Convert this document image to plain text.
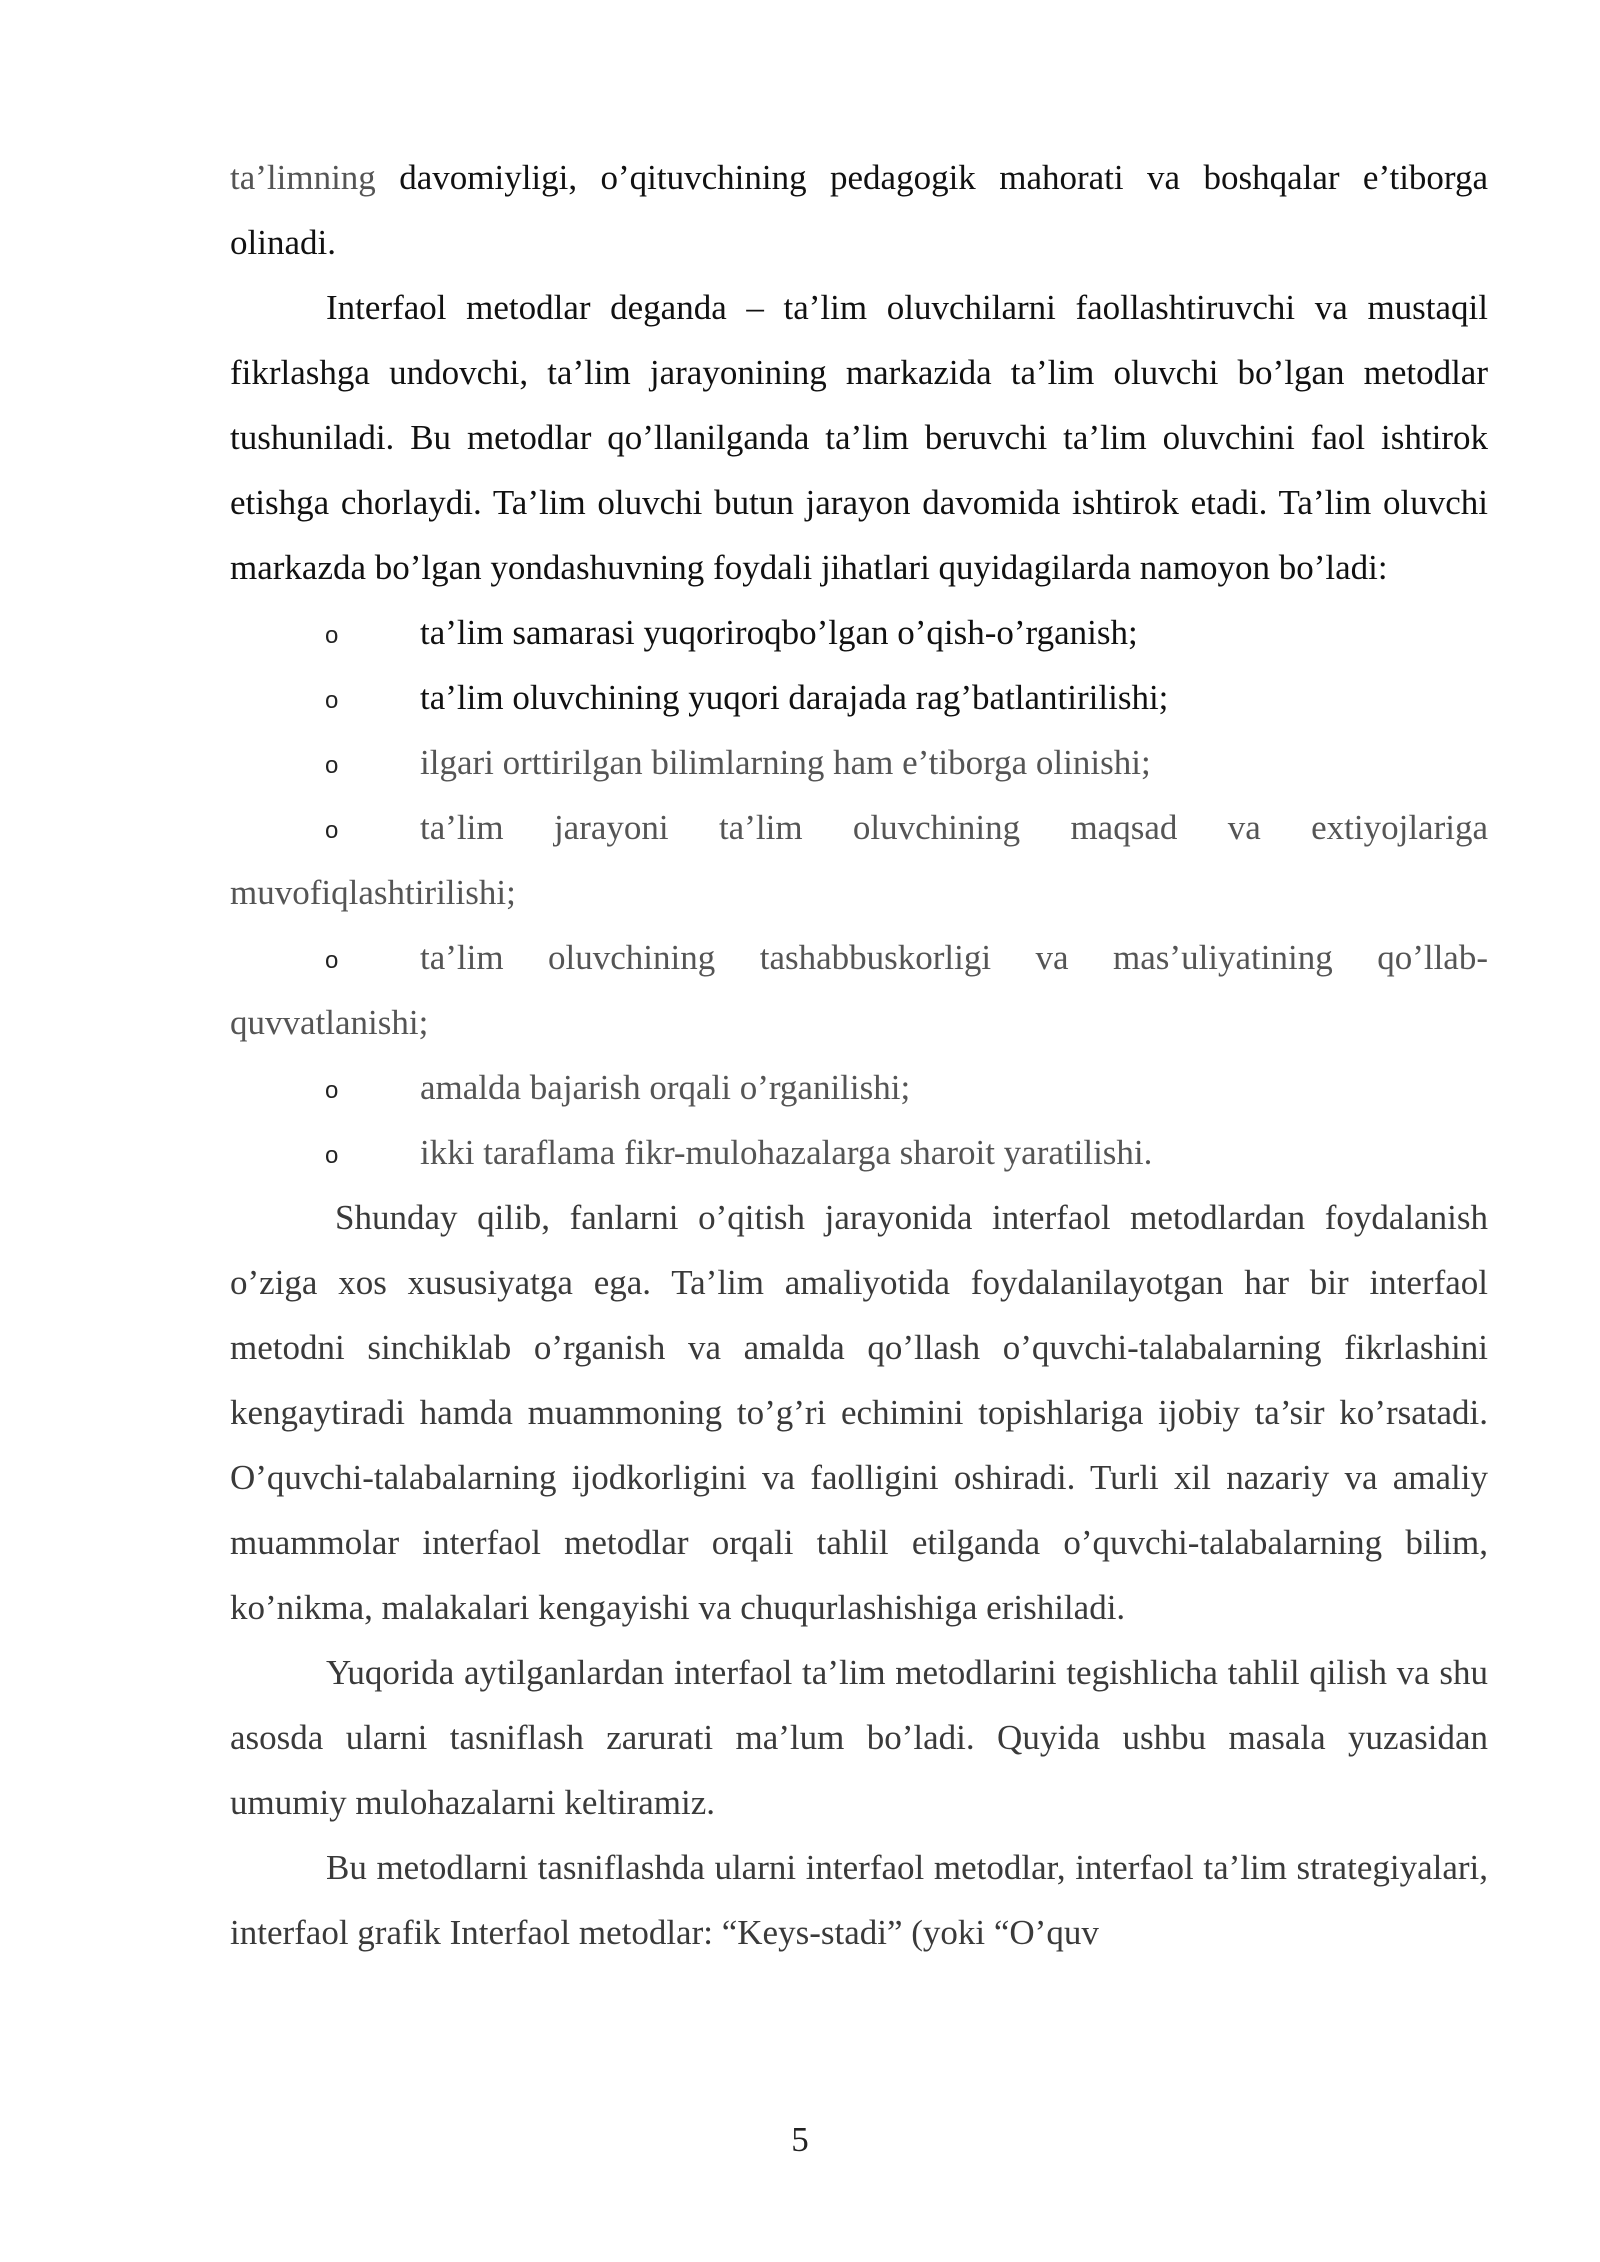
ta’limning davomiyligi, o’qituvchining pedagogik mahorati va boshqalar e’tiborga olinadi.

Interfaol metodlar deganda – ta’lim oluvchilarni faollashtiruvchi va mustaqil fikrlashga undovchi, ta’lim jarayonining markazida ta’lim oluvchi bo’lgan metodlar tushuniladi. Bu metodlar qo’llanilganda ta’lim beruvchi ta’lim oluvchini faol ishtirok etishga chorlaydi. Ta’lim oluvchi butun jarayon davomida ishtirok etadi. Ta’lim oluvchi markazda bo’lgan yondashuvning foydali jihatlari quyidagilarda namoyon bo’ladi:

o ta’lim samarasi yuqoriroqbo’lgan o’qish-o’rganish;
o ta’lim oluvchining yuqori darajada rag’batlantirilishi;
o ilgari orttirilgan bilimlarning ham e’tiborga olinishi;
o ta’lim jarayoni ta’lim oluvchining maqsad va extiyojlariga muvofiqlashtirilishi;
o ta’lim oluvchining tashabbuskorligi va mas’uliyatining qo’llab-quvvatlanishi;
o amalda bajarish orqali o’rganilishi;
o ikki taraflama fikr-mulohazalarga sharoit yaratilishi.

Shunday qilib, fanlarni o’qitish jarayonida interfaol metodlardan foydalanish o’ziga xos xususiyatga ega. Ta’lim amaliyotida foydalanilayotgan har bir interfaol metodni sinchiklab o’rganish va amalda qo’llash o’quvchi-talabalarning fikrlashini kengaytiradi hamda muammoning to’g’ri echimini topishlariga ijobiy ta’sir ko’rsatadi. O’quvchi-talabalarning ijodkorligini va faolligini oshiradi. Turli xil nazariy va amaliy muammolar interfaol metodlar orqali tahlil etilganda o’quvchi-talabalarning bilim, ko’nikma, malakalari kengayishi va chuqurlashishiga erishiladi.

Yuqorida aytilganlardan interfaol ta’lim metodlarini tegishlicha tahlil qilish va shu asosda ularni tasniflash zarurati ma’lum bo’ladi. Quyida ushbu masala yuzasidan umumiy mulohazalarni keltiramiz.

Bu metodlarni tasniflashda ularni interfaol metodlar, interfaol ta’lim strategiyalari, interfaol grafik Interfaol metodlar: “Keys-stadi” (yoki “O’quv

5
